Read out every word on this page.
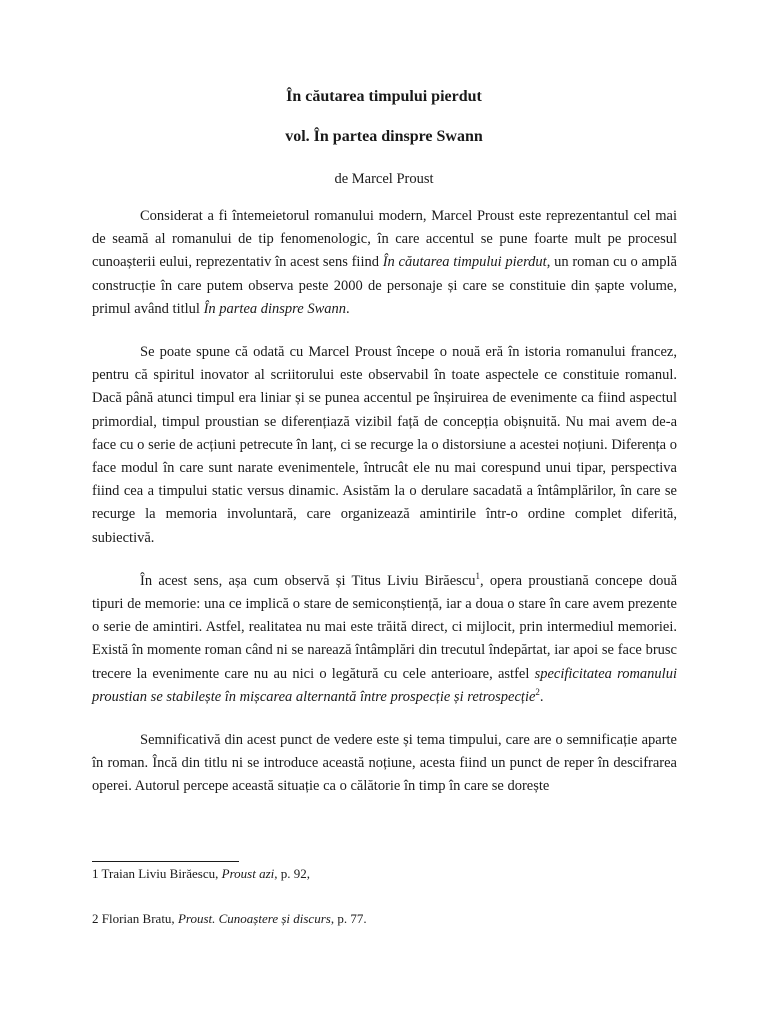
În căutarea timpului pierdut
vol. În partea dinspre Swann
de Marcel Proust

Considerat a fi întemeietorul romanului modern, Marcel Proust este reprezentantul cel mai de seamă al romanului de tip fenomenologic, în care accentul se pune foarte mult pe procesul cunoașterii eului, reprezentativ în acest sens fiind În căutarea timpului pierdut, un roman cu o amplă construcție în care putem observa peste 2000 de personaje și care se constituie din șapte volume, primul având titlul În partea dinspre Swann.

Se poate spune că odată cu Marcel Proust începe o nouă eră în istoria romanului francez, pentru că spiritul inovator al scriitorului este observabil în toate aspectele ce constituie romanul. Dacă până atunci timpul era liniar și se punea accentul pe înșiruirea de evenimente ca fiind aspectul primordial, timpul proustian se diferențiază vizibil față de concepția obișnuită. Nu mai avem de-a face cu o serie de acțiuni petrecute în lanț, ci se recurge la o distorsiune a acestei noțiuni. Diferența o face modul în care sunt narate evenimentele, întrucât ele nu mai corespund unui tipar, perspectiva fiind cea a timpului static versus dinamic. Asistăm la o derulare sacadată a întâmplărilor, în care se recurge la memoria involuntară, care organizează amintirile într-o ordine complet diferită, subiectivă.

În acest sens, așa cum observă și Titus Liviu Birăescu$^1$, opera proustiană concepe două tipuri de memorie: una ce implică o stare de semiconștiență, iar a doua o stare în care avem prezente o serie de amintiri. Astfel, realitatea nu mai este trăită direct, ci mijlocit, prin intermediul memoriei. Există în momente roman când ni se narează întâmplări din trecutul îndepărtat, iar apoi se face brusc trecere la evenimente care nu au nici o legătură cu cele anterioare, astfel specificitatea romanului proustian se stabilește în mișcarea alternantă între prospecție și retrospecție$^2$.

Semnificativă din acest punct de vedere este și tema timpului, care are o semnificație aparte în roman. Încă din titlu ni se introduce această noțiune, acesta fiind un punct de reper în descifrarea operei. Autorul percepe această situație ca o călătorie în timp în care se dorește

1 Traian Liviu Birăescu, Proust azi, p. 92,

2 Florian Bratu, Proust. Cunoaștere și discurs, p. 77.
